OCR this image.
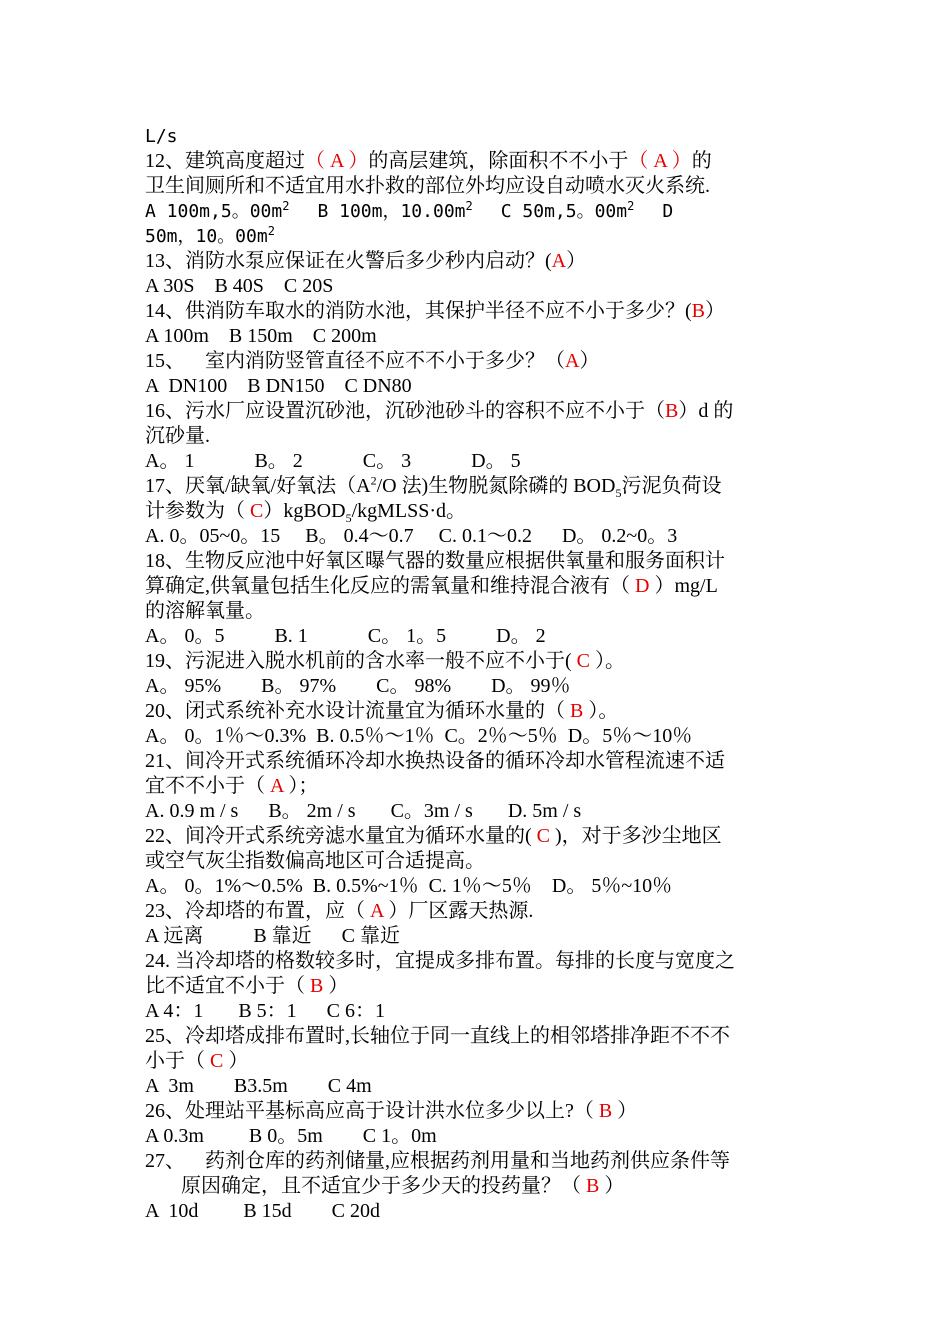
L/s
12、建筑高度超过（ A ）的高层建筑，除面积不不小于（ A ）的
卫生间厕所和不适宜用水扑救的部位外均应设自动喷水灭火系统.
A 100m,5。$00m^2$ B 100m，$10.00m^2$ C 50m,5。$00m^2$ D
50m，10。$00m^2$
13、消防水泵应保证在火警后多少秒内启动？(A）
A 30S    B 40S    C 20S
14、供消防车取水的消防水池，其保护半径不应不小于多少？(B）
A 100m    B 150m    C 200m
15、    室内消防竖管直径不应不不小于多少？（A）
A  DN100    B DN150    C DN80
16、污水厂应设置沉砂池，沉砂池砂斗的容积不应不小于（B）d 的
沉砂量.
A。 1            B。 2            C。 3            D。 5
17、厌氧/缺氧/好氧法（$A^2/O$ 法)生物脱氮除磷的 $BOD_5$污泥负荷设
计参数为（ C）kgBOD$_5$/kgMLSS·d。
A. 0。05~0。15     B。 0.4～0.7     C. 0.1～0.2      D。 0.2~0。3
18、生物反应池中好氧区曝气器的数量应根据供氧量和服务面积计
算确定,供氧量包括生化反应的需氧量和维持混合液有（ D ）mg/L
的溶解氧量。
A。 0。5          B. 1            C。 1。5          D。 2
19、污泥进入脱水机前的含水率一般不应不小于( C ）。
A。 95%        B。 97%        C。 98%        D。 99％
20、闭式系统补充水设计流量宜为循环水量的（ B ）。
A。 0。1％～0.3%  B. 0.5％～1％  C。2％～5％  D。5％～10％
21、间冷开式系统循环冷却水换热设备的循环冷却水管程流速不适
宜不不小于（ A ）；
A. 0.9 m / s      B。 2m / s       C。3m / s       D. 5m / s
22、间冷开式系统旁滤水量宜为循环水量的( C )，对于多沙尘地区
或空气灰尘指数偏高地区可合适提高。
A。 0。1%～0.5%  B. 0.5%~1％  C. 1％～5％    D。 5％~10％
23、冷却塔的布置，应（ A ）厂区露天热源.
A 远离          B 靠近      C 靠近
24. 当冷却塔的格数较多时，宜提成多排布置。每排的长度与宽度之
比不适宜不小于（ B ）
A 4：1       B 5：1      C 6：1
25、冷却塔成排布置时,长轴位于同一直线上的相邻塔排净距不不不
小于（ C ）
A  3m        B3.5m        C 4m
26、处理站平基标高应高于设计洪水位多少以上?（ B ）
A 0.3m         B 0。5m        C 1。0m
27、    药剂仓库的药剂储量,应根据药剂用量和当地药剂供应条件等
原因确定，且不适宜少于多少天的投药量？（ B ）
A  10d         B 15d        C 20d
